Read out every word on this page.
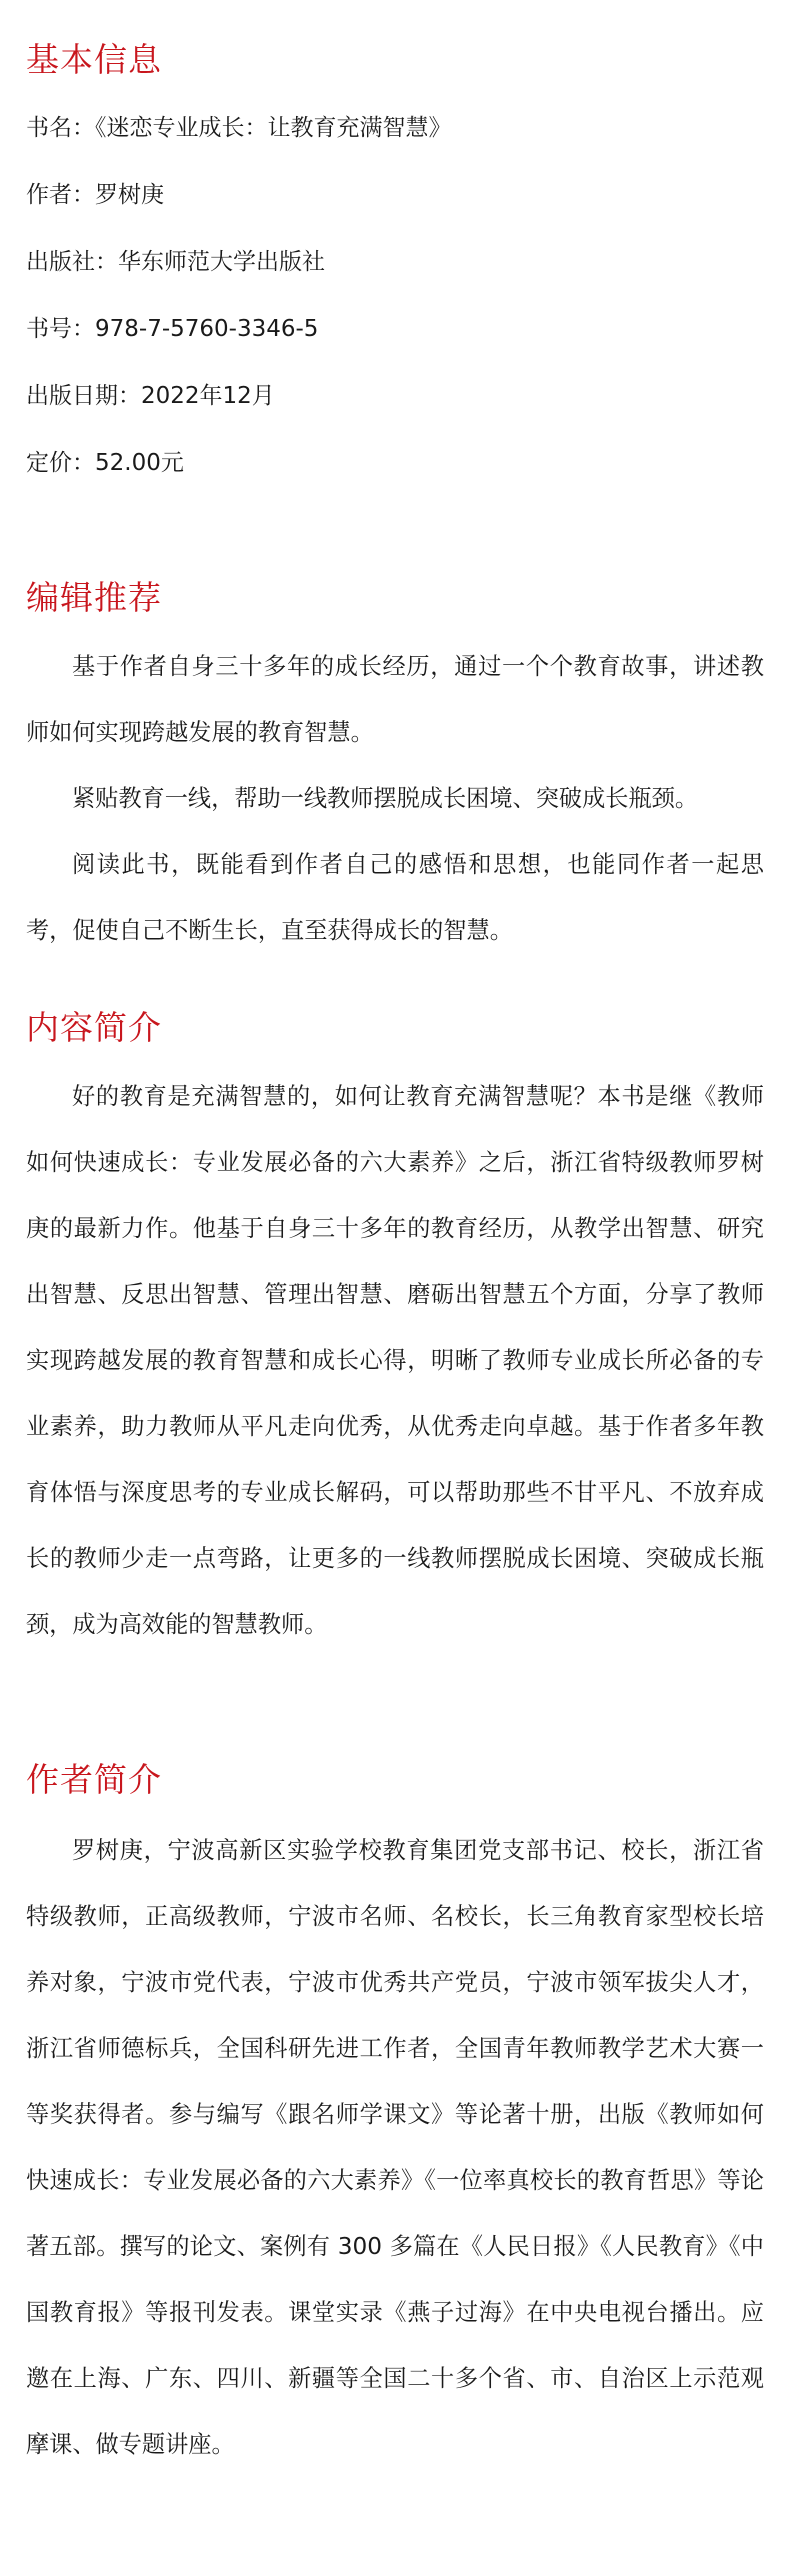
基本信息

书名：《迷恋专业成长：让教育充满智慧》

作者：罗树庚

出版社：华东师范大学出版社

书号：978-7-5760-3346-5

出版日期：2022年12月

定价：52.00元

编辑推荐

基于作者自身三十多年的成长经历，通过一个个教育故事，讲述教师如何实现跨越发展的教育智慧。

紧贴教育一线，帮助一线教师摆脱成长困境、突破成长瓶颈。

阅读此书，既能看到作者自己的感悟和思想，也能同作者一起思考，促使自己不断生长，直至获得成长的智慧。

内容简介

好的教育是充满智慧的，如何让教育充满智慧呢？本书是继《教师如何快速成长：专业发展必备的六大素养》之后，浙江省特级教师罗树庚的最新力作。他基于自身三十多年的教育经历，从教学出智慧、研究出智慧、反思出智慧、管理出智慧、磨砺出智慧五个方面，分享了教师实现跨越发展的教育智慧和成长心得，明晰了教师专业成长所必备的专业素养，助力教师从平凡走向优秀，从优秀走向卓越。基于作者多年教育体悟与深度思考的专业成长解码，可以帮助那些不甘平凡、不放弃成长的教师少走一点弯路，让更多的一线教师摆脱成长困境、突破成长瓶颈，成为高效能的智慧教师。

作者简介

罗树庚，宁波高新区实验学校教育集团党支部书记、校长，浙江省特级教师，正高级教师，宁波市名师、名校长，长三角教育家型校长培养对象，宁波市党代表，宁波市优秀共产党员，宁波市领军拔尖人才，浙江省师德标兵，全国科研先进工作者，全国青年教师教学艺术大赛一等奖获得者。参与编写《跟名师学课文》等论著十册，出版《教师如何快速成长：专业发展必备的六大素养》《一位率真校长的教育哲思》等论著五部。撰写的论文、案例有 300 多篇在《人民日报》《人民教育》《中国教育报》等报刊发表。课堂实录《燕子过海》在中央电视台播出。应邀在上海、广东、四川、新疆等全国二十多个省、市、自治区上示范观摩课、做专题讲座。
